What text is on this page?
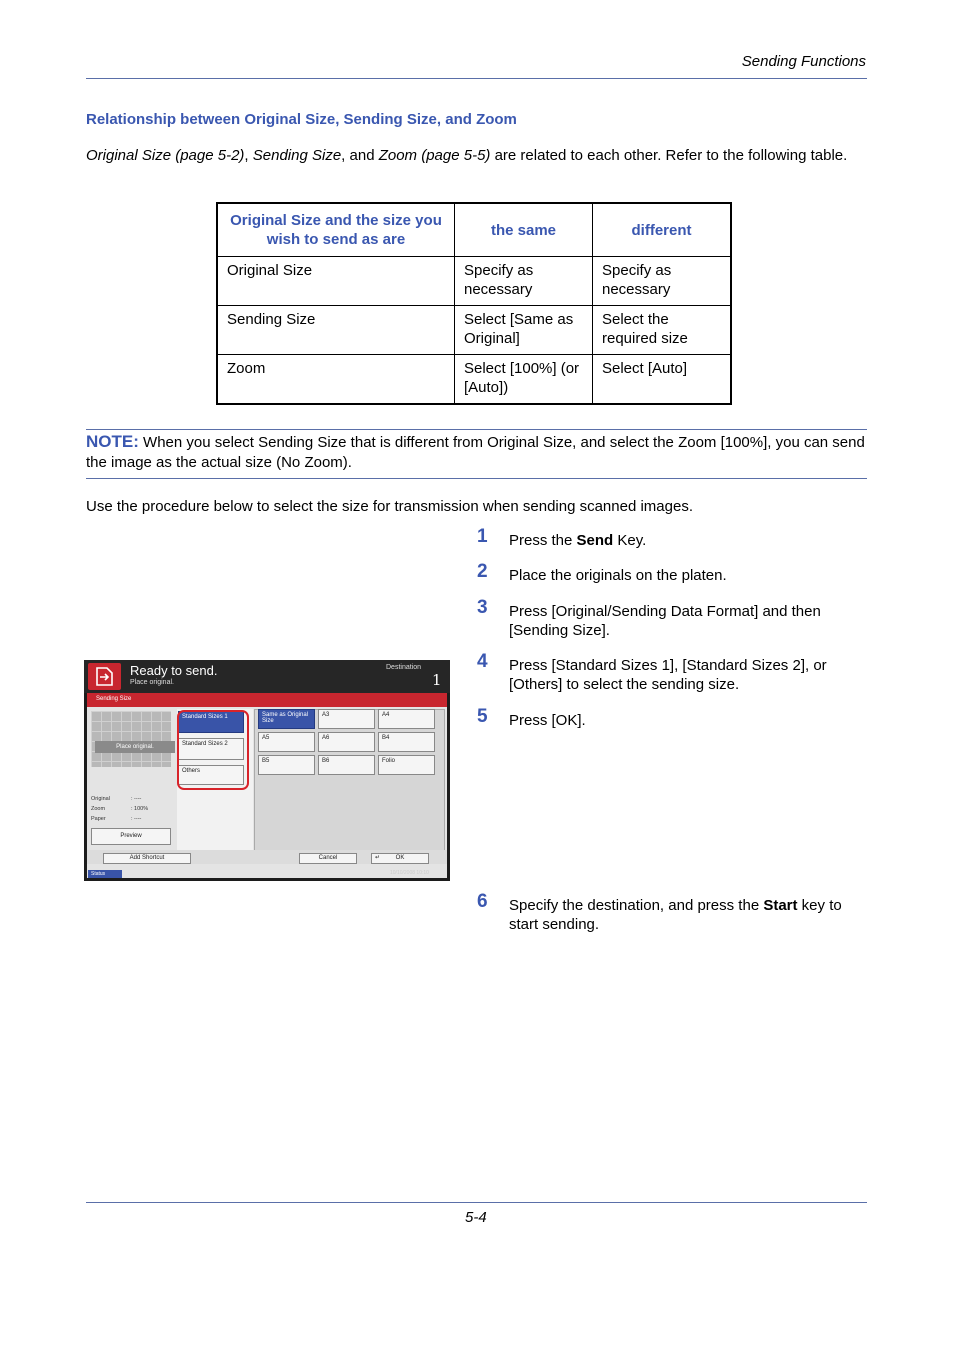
Sending Functions
Relationship between Original Size, Sending Size, and Zoom
Original Size (page 5-2), Sending Size, and Zoom (page 5-5) are related to each other. Refer to the following table.
Original Size and the size you wish to send as are	the same	different
Original Size	Specify as necessary	Specify as necessary
Sending Size	Select [Same as Original]	Select the required size
Zoom	Select [100%] (or [Auto])	Select [Auto]
NOTE: When you select Sending Size that is different from Original Size, and select the Zoom [100%], you can send the image as the actual size (No Zoom).
Use the procedure below to select the size for transmission when sending scanned images.
1 Press the Send Key.
2 Place the originals on the platen.
3 Press [Original/Sending Data Format] and then [Sending Size].
4 Press [Standard Sizes 1], [Standard Sizes 2], or [Others] to select the sending size.
5 Press [OK].
6 Specify the destination, and press the Start key to start sending.
Ready to send.
Place original.
Destination
1
Sending Size
Place original.
Original	: ----
Zoom	: 100%
Paper	: ----
Preview
Standard Sizes 1
Standard Sizes 2
Others
Same as Original Size
A3	A4
A5	A6	B4
B5	B6	Folio
Add Shortcut	Cancel	↵	OK
Status	10/10/2008 10:10
5-4
